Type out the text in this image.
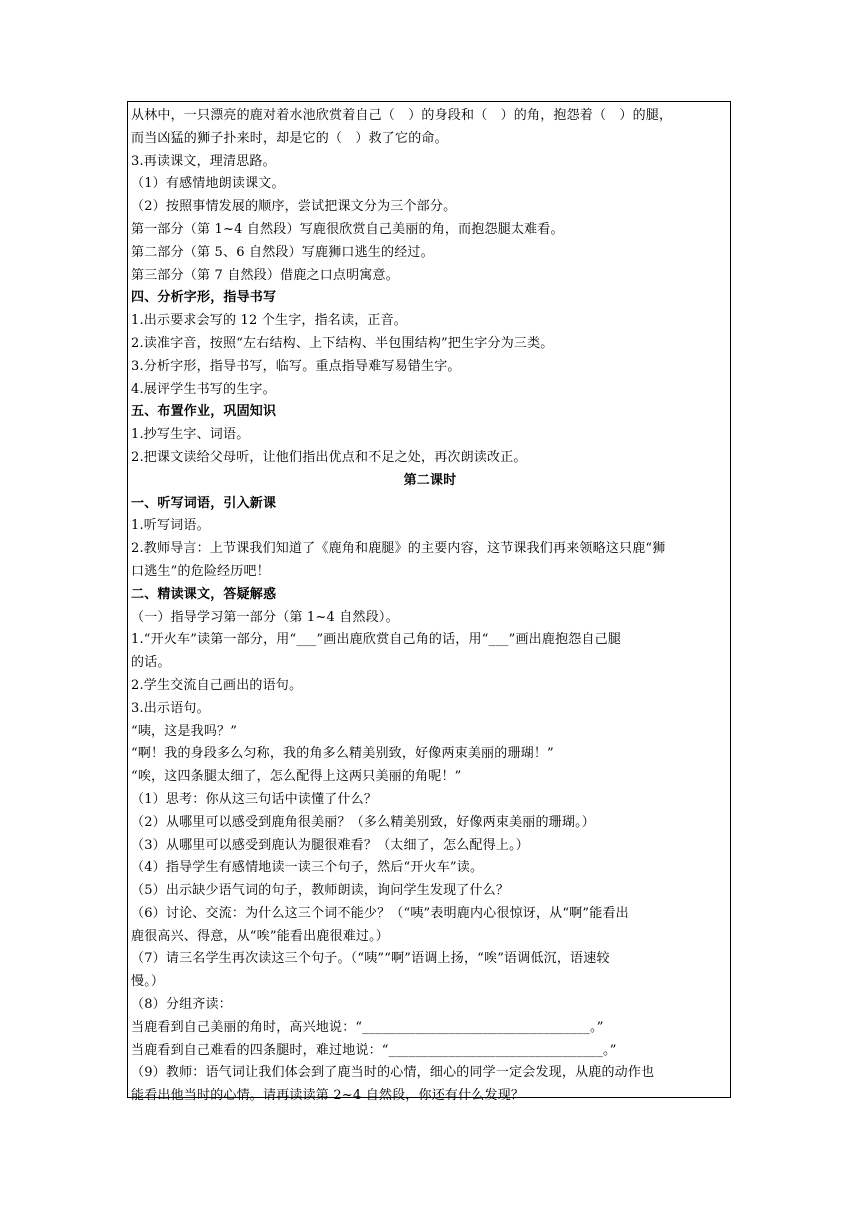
从林中，一只漂亮的鹿对着水池欣赏着自己（　）的身段和（　）的角，抱怨着（　）的腿，
而当凶猛的狮子扑来时，却是它的（　）救了它的命。
3.再读课文，理清思路。
（1）有感情地朗读课文。
（2）按照事情发展的顺序，尝试把课文分为三个部分。
第一部分（第 1~4 自然段）写鹿很欣赏自己美丽的角，而抱怨腿太难看。
第二部分（第 5、6 自然段）写鹿狮口逃生的经过。
第三部分（第 7 自然段）借鹿之口点明寓意。
四、分析字形，指导书写
1.出示要求会写的 12 个生字，指名读，正音。
2.读准字音，按照“左右结构、上下结构、半包围结构”把生字分为三类。
3.分析字形，指导书写，临写。重点指导难写易错生字。
4.展评学生书写的生字。
五、布置作业，巩固知识
1.抄写生字、词语。
2.把课文读给父母听，让他们指出优点和不足之处，再次朗读改正。
第二课时
一、听写词语，引入新课
1.听写词语。
2.教师导言：上节课我们知道了《鹿角和鹿腿》的主要内容，这节课我们再来领略这只鹿“狮
口逃生”的危险经历吧！
二、精读课文，答疑解惑
（一）指导学习第一部分（第 1~4 自然段）。
1.“开火车”读第一部分，用“___”画出鹿欣赏自己角的话，用“___”画出鹿抱怨自己腿
的话。
2.学生交流自己画出的语句。
3.出示语句。
“咦，这是我吗？”
“啊！我的身段多么匀称，我的角多么精美别致，好像两束美丽的珊瑚！”
“唉，这四条腿太细了，怎么配得上这两只美丽的角呢！”
（1）思考：你从这三句话中读懂了什么？
（2）从哪里可以感受到鹿角很美丽？（多么精美别致，好像两束美丽的珊瑚。）
（3）从哪里可以感受到鹿认为腿很难看？（太细了，怎么配得上。）
（4）指导学生有感情地读一读三个句子，然后“开火车”读。
（5）出示缺少语气词的句子，教师朗读，询问学生发现了什么？
（6）讨论、交流：为什么这三个词不能少？（“咦”表明鹿内心很惊讶，从“啊”能看出
鹿很高兴、得意，从“唉”能看出鹿很难过。）
（7）请三名学生再次读这三个句子。（“咦”“啊”语调上扬，“唉”语调低沉，语速较
慢。）
（8）分组齐读：
当鹿看到自己美丽的角时，高兴地说：“__________________________________。”
当鹿看到自己难看的四条腿时，难过地说：“________________________________。”
（9）教师：语气词让我们体会到了鹿当时的心情，细心的同学一定会发现，从鹿的动作也
能看出他当时的心情。请再读读第 2~4 自然段，你还有什么发现？
